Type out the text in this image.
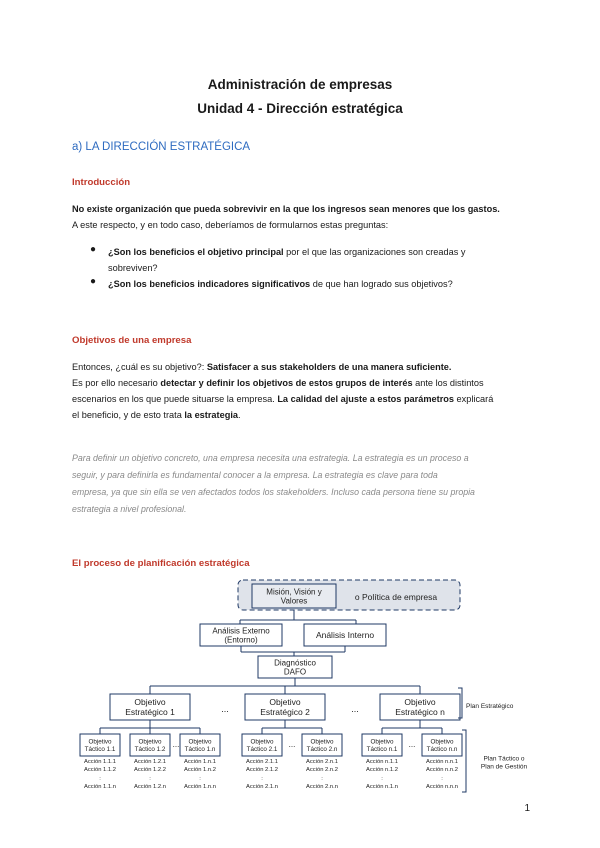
Administración de empresas
Unidad 4 - Dirección estratégica
a) LA DIRECCIÓN ESTRATÉGICA
Introducción
No existe organización que pueda sobrevivir en la que los ingresos sean menores que los gastos.
A este respecto, y en todo caso, deberíamos de formularnos estas preguntas:
● ¿Son los beneficios el objetivo principal por el que las organizaciones son creadas y
sobreviven?
● ¿Son los beneficios indicadores significativos de que han logrado sus objetivos?
Objetivos de una empresa
Entonces, ¿cuál es su objetivo?: Satisfacer a sus stakeholders de una manera suficiente.
Es por ello necesario detectar y definir los objetivos de estos grupos de interés ante los distintos
escenarios en los que puede situarse la empresa. La calidad del ajuste a estos parámetros explicará
el beneficio, y de esto trata la estrategia.
Para definir un objetivo concreto, una empresa necesita una estrategia. La estrategia es un proceso a
seguir, y para definirla es fundamental conocer a la empresa. La estrategia es clave para toda
empresa, ya que sin ella se ven afectados todos los stakeholders. Incluso cada persona tiene su propia
estrategia a nivel profesional.
El proceso de planificación estratégica
Misión, Visión y
Valores	o Política de empresa
Análisis Externo
(Entorno)	Análisis Interno
Diagnóstico
DAFO
Objetivo
Estratégico 1
Objetivo
Estratégico 2
Objetivo
Estratégico n
...	...	Plan Estratégico
Objetivo
Táctico 1.1
Acción 1.1.1
Acción 1.1.2
:
Acción 1.1.n
Objetivo
Táctico 1.2
Acción 1.2.1
Acción 1.2.2
:
Acción 1.2.n
Objetivo
Táctico 1.n
Acción 1.n.1
Acción 1.n.2
:
Acción 1.n.n
Objetivo
Táctico 2.1
Acción 2.1.1
Acción 2.1.2
:
Acción 2.1.n
Objetivo
Táctico 2.n
Acción 2.n.1
Acción 2.n.2
:
Acción 2.n.n
Objetivo
Táctico n.1
Acción n.1.1
Acción n.1.2
:
Acción n.1.n
Objetivo
Táctico n.n
Acción n.n.1
Acción n.n.2
:
Acción n.n.n
...	...	...
Plan Táctico o
Plan de Gestión
1
